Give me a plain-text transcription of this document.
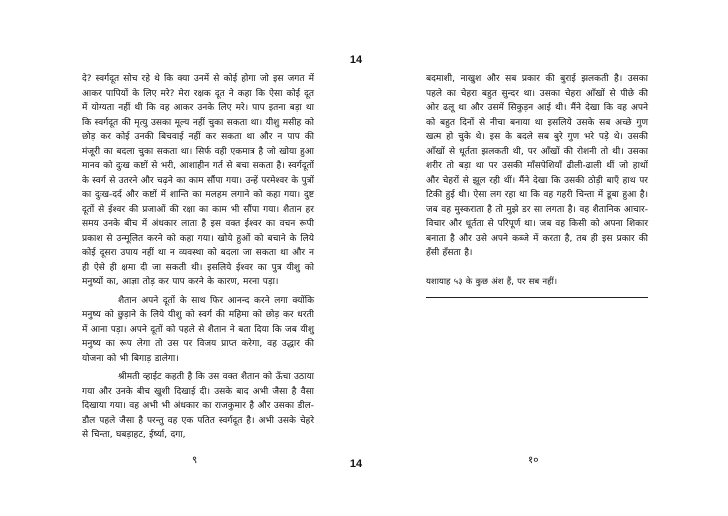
14

दे? स्वर्गदूत सोच रहे थे कि क्या उनमें से कोई होगा जो इस जगत में आकर पापियों के लिए मरे? मेरा रक्षक दूत ने कहा कि ऐसा कोई दूत में योग्यता नहीं थी कि वह आकर उनके लिए मरे। पाप इतना बड़ा था कि स्वर्गदूत की मृत्यु उसका मूल्य नहीं चुका सकता था। यीशु मसीह को छोड़ कर कोई उनकी बिचवाई नहीं कर सकता था और न पाप की मंजूरी का बदला चुका सकता था। सिर्फ वही एकमात्र है जो खोया हुआ मानव को दुःख कष्टों से भरी, आशाहीन गर्त से बचा सकता है। स्वर्गदूतों के स्वर्ग से उतरने और चढ़ने का काम सौंपा गया। उन्हें परमेश्वर के पुत्रों का दुःख-दर्द और कष्टों में शान्ति का मलहम लगाने को कहा गया। दुष्ट दूतों से ईश्वर की प्रजाओं की रक्षा का काम भी सौंपा गया। शैतान हर समय उनके बीच में अंधकार लाता है इस वक्त ईश्वर का वचन रूपी प्रकाश से उन्मूलित करने को कहा गया। खोये हुओं को बचाने के लिये कोई दूसरा उपाय नहीं था न व्यवस्था को बदला जा सकता था और न ही ऐसे ही क्षमा दी जा सकती थी। इसलिये ईश्वर का पुत्र यीशु को मनुष्यों का, आज्ञा तोड़ कर पाप करने के कारण, मरना पड़ा।

शैतान अपने दूतों के साथ फिर आनन्द करने लगा क्योंकि मनुष्य को छुड़ाने के लिये यीशु को स्वर्ग की महिमा को छोड़ कर धरती में आना पड़ा। अपने दूतों को पहले से शैतान ने बता दिया कि जब यीशु मनुष्य का रूप लेगा तो उस पर विजय प्राप्त करेगा, वह उद्धार की योजना को भी बिगाड़ डालेगा।

श्रीमती व्हाईट कहती है कि उस वक्त शैतान को ऊँचा उठाया गया और उनके बीच खुशी दिखाई दी। उसके बाद अभी जैसा है वैसा दिखाया गया। वह अभी भी अंधकार का राजकुमार है और उसका डील-डौल पहले जैसा है परन्तु वह एक पतित स्वर्गदूत है। अभी उसके चेहरे से चिन्ता, घबड़ाहट, ईर्ष्या, दगा,

बदमाशी, नाखुश और सब प्रकार की बुराई झलकती है। उसका पहले का चेहरा बहुत सुन्दर था। उसका चेहरा आँखों से पीछे की ओर ढलू था और उसमें सिकुड़न आई थी। मैंने देखा कि वह अपने को बहुत दिनों से नीचा बनाया था इसलिये उसके सब अच्छे गुण खत्म हो चुके थे। इस के बदले सब बुरे गुण भरे पड़े थे। उसकी आँखों से धूर्तता झलकती थी, पर आँखों की रोशनी तो थी। उसका शरीर तो बड़ा था पर उसकी माँसपेशियाँ ढीली-ढाली थीं जो हाथों और चेहरों से झूल रही थीं। मैंने देखा कि उसकी ठोड़ी बाएँ हाथ पर टिकी हुई थी। ऐसा लग रहा था कि वह गहरी चिन्ता में डूबा हुआ है। जब वह मुस्कराता है तो मुझे डर सा लगता है। वह शैतानिक आचार-विचार और धूर्तता से परिपूर्ण था। जब वह किसी को अपना शिकार बनाता है और उसे अपने कब्जे में करता है, तब ही इस प्रकार की हँसी हँसता है।

यशायाह ५३ के कुछ अंश हैं, पर सब नहीं।

९	१०
14
